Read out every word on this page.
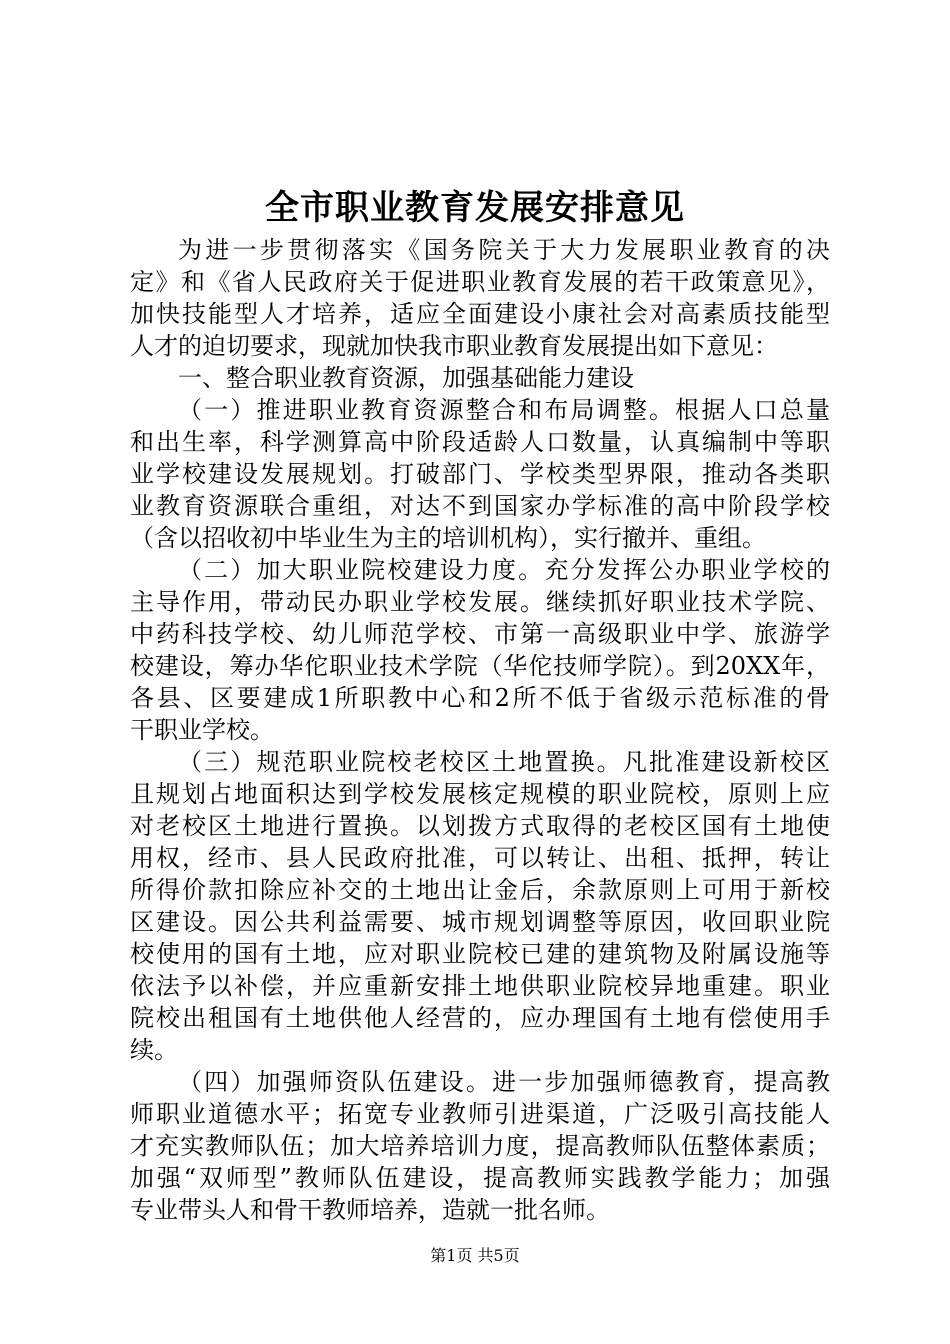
全市职业教育发展安排意见
为进一步贯彻落实《国务院关于大力发展职业教育的决
定》和《省人民政府关于促进职业教育发展的若干政策意见》，
加快技能型人才培养，适应全面建设小康社会对高素质技能型
人才的迫切要求，现就加快我市职业教育发展提出如下意见：
一、整合职业教育资源，加强基础能力建设
（一）推进职业教育资源整合和布局调整。根据人口总量
和出生率，科学测算高中阶段适龄人口数量，认真编制中等职
业学校建设发展规划。打破部门、学校类型界限，推动各类职
业教育资源联合重组，对达不到国家办学标准的高中阶段学校
（含以招收初中毕业生为主的培训机构），实行撤并、重组。
（二）加大职业院校建设力度。充分发挥公办职业学校的
主导作用，带动民办职业学校发展。继续抓好职业技术学院、
中药科技学校、幼儿师范学校、市第一高级职业中学、旅游学
校建设，筹办华佗职业技术学院（华佗技师学院）。到20XX年，
各县、区要建成1所职教中心和2所不低于省级示范标准的骨
干职业学校。
（三）规范职业院校老校区土地置换。凡批准建设新校区
且规划占地面积达到学校发展核定规模的职业院校，原则上应
对老校区土地进行置换。以划拨方式取得的老校区国有土地使
用权，经市、县人民政府批准，可以转让、出租、抵押，转让
所得价款扣除应补交的土地出让金后，余款原则上可用于新校
区建设。因公共利益需要、城市规划调整等原因，收回职业院
校使用的国有土地，应对职业院校已建的建筑物及附属设施等
依法予以补偿，并应重新安排土地供职业院校异地重建。职业
院校出租国有土地供他人经营的，应办理国有土地有偿使用手
续。
（四）加强师资队伍建设。进一步加强师德教育，提高教
师职业道德水平；拓宽专业教师引进渠道，广泛吸引高技能人
才充实教师队伍；加大培养培训力度，提高教师队伍整体素质；
加强“双师型”教师队伍建设，提高教师实践教学能力；加强
专业带头人和骨干教师培养，造就一批名师。
第1页 共5页
